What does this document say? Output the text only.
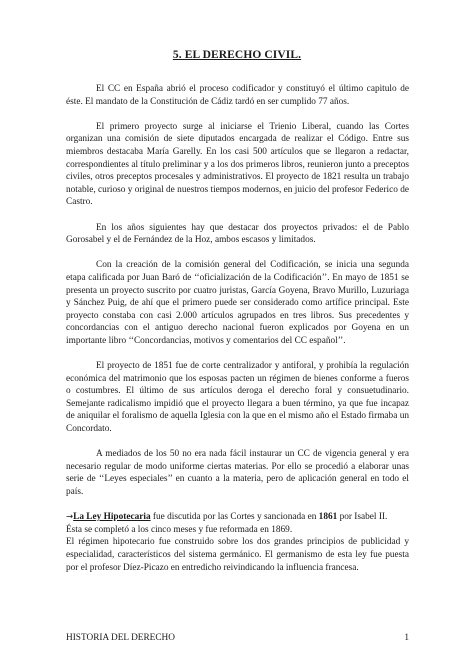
5. EL DERECHO CIVIL.

El CC en España abrió el proceso codificador y constituyó el último capitulo de éste. El mandato de la Constitución de Cádiz tardó en ser cumplido 77 años.

El primero proyecto surge al iniciarse el Trienio Liberal, cuando las Cortes organizan una comisión de siete diputados encargada de realizar el Código. Entre sus miembros destacaba María Garelly. En los casi 500 artículos que se llegaron a redactar, correspondientes al título preliminar y a los dos primeros libros, reunieron junto a preceptos civiles, otros preceptos procesales y administrativos. El proyecto de 1821 resulta un trabajo notable, curioso y original de nuestros tiempos modernos, en juicio del profesor Federico de Castro.

En los años siguientes hay que destacar dos proyectos privados: el de Pablo Gorosabel y el de Fernández de la Hoz, ambos escasos y limitados.

Con la creación de la comisión general del Codificación, se inicia una segunda etapa calificada por Juan Baró de ‘‘oficialización de la Codificación’’. En mayo de 1851 se presenta un proyecto suscrito por cuatro juristas, García Goyena, Bravo Murillo, Luzuriaga y Sánchez Puig, de ahí que el primero puede ser considerado como artífice principal. Este proyecto constaba con casi 2.000 artículos agrupados en tres libros. Sus precedentes y concordancias con el antiguo derecho nacional fueron explicados por Goyena en un importante libro ‘‘Concordancias, motivos y comentarios del CC español’’.

El proyecto de 1851 fue de corte centralizador y antiforal, y prohibía la regulación económica del matrimonio que los esposas pacten un régimen de bienes conforme a fueros o costumbres. El último de sus artículos deroga el derecho foral y consuetudinario. Semejante radicalismo impidió que el proyecto llegara a buen término, ya que fue incapaz de aniquilar el foralismo de aquella Iglesia con la que en el mismo año el Estado firmaba un Concordato.

A mediados de los 50 no era nada fácil instaurar un CC de vigencia general y era necesario regular de modo uniforme ciertas materias. Por ello se procedió a elaborar unas serie de ‘‘Leyes especiales’’ en cuanto a la materia, pero de aplicación general en todo el país.

→La Ley Hipotecaria fue discutida por las Cortes y sancionada en 1861 por Isabel II.

Ésta se completó a los cinco meses y fue reformada en 1869.

El régimen hipotecario fue construido sobre los dos grandes principios de publicidad y especialidad, característicos del sistema germánico. El germanismo de esta ley fue puesta por el profesor Díez-Picazo en entredicho reivindicando la influencia francesa.

HISTORIA DEL DERECHO	1
